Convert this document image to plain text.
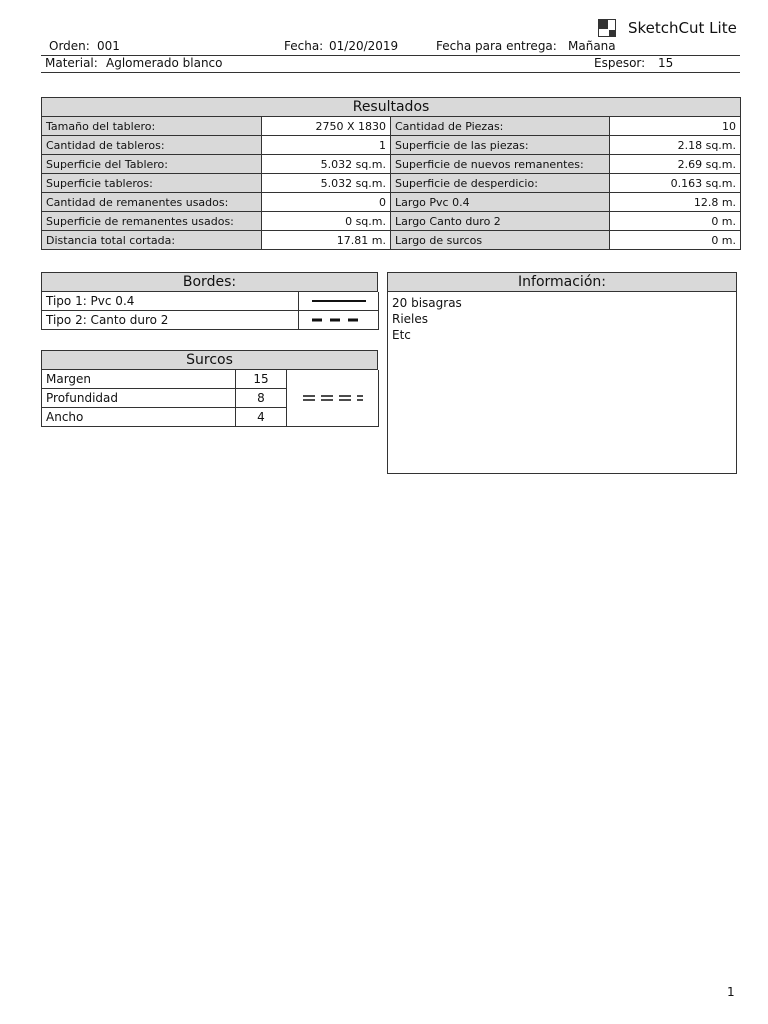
SketchCut Lite
Orden: 001	Fecha: 01/20/2019	Fecha para entrega: Mañana
Material: Aglomerado blanco	Espesor: 15
Resultados			
Tamaño del tablero:	2750 X 1830	Cantidad de Piezas:	10
Cantidad de tableros:	1	Superficie de las piezas:	2.18 sq.m.
Superficie del Tablero:	5.032 sq.m.	Superficie de nuevos remanentes:	2.69 sq.m.
Superficie tableros:	5.032 sq.m.	Superficie de desperdicio:	0.163 sq.m.
Cantidad de remanentes usados:	0	Largo Pvc 0.4	12.8 m.
Superficie de remanentes usados:	0 sq.m.	Largo Canto duro 2	0 m.
Distancia total cortada:	17.81 m.	Largo de surcos	0 m.
Bordes:
Tipo 1: Pvc 0.4	

Tipo 2: Canto duro 2	
Surcos
Margen	15	

Profundidad	8	
Ancho	4	
Información:
20 bisagras
Rieles
Etc
1
